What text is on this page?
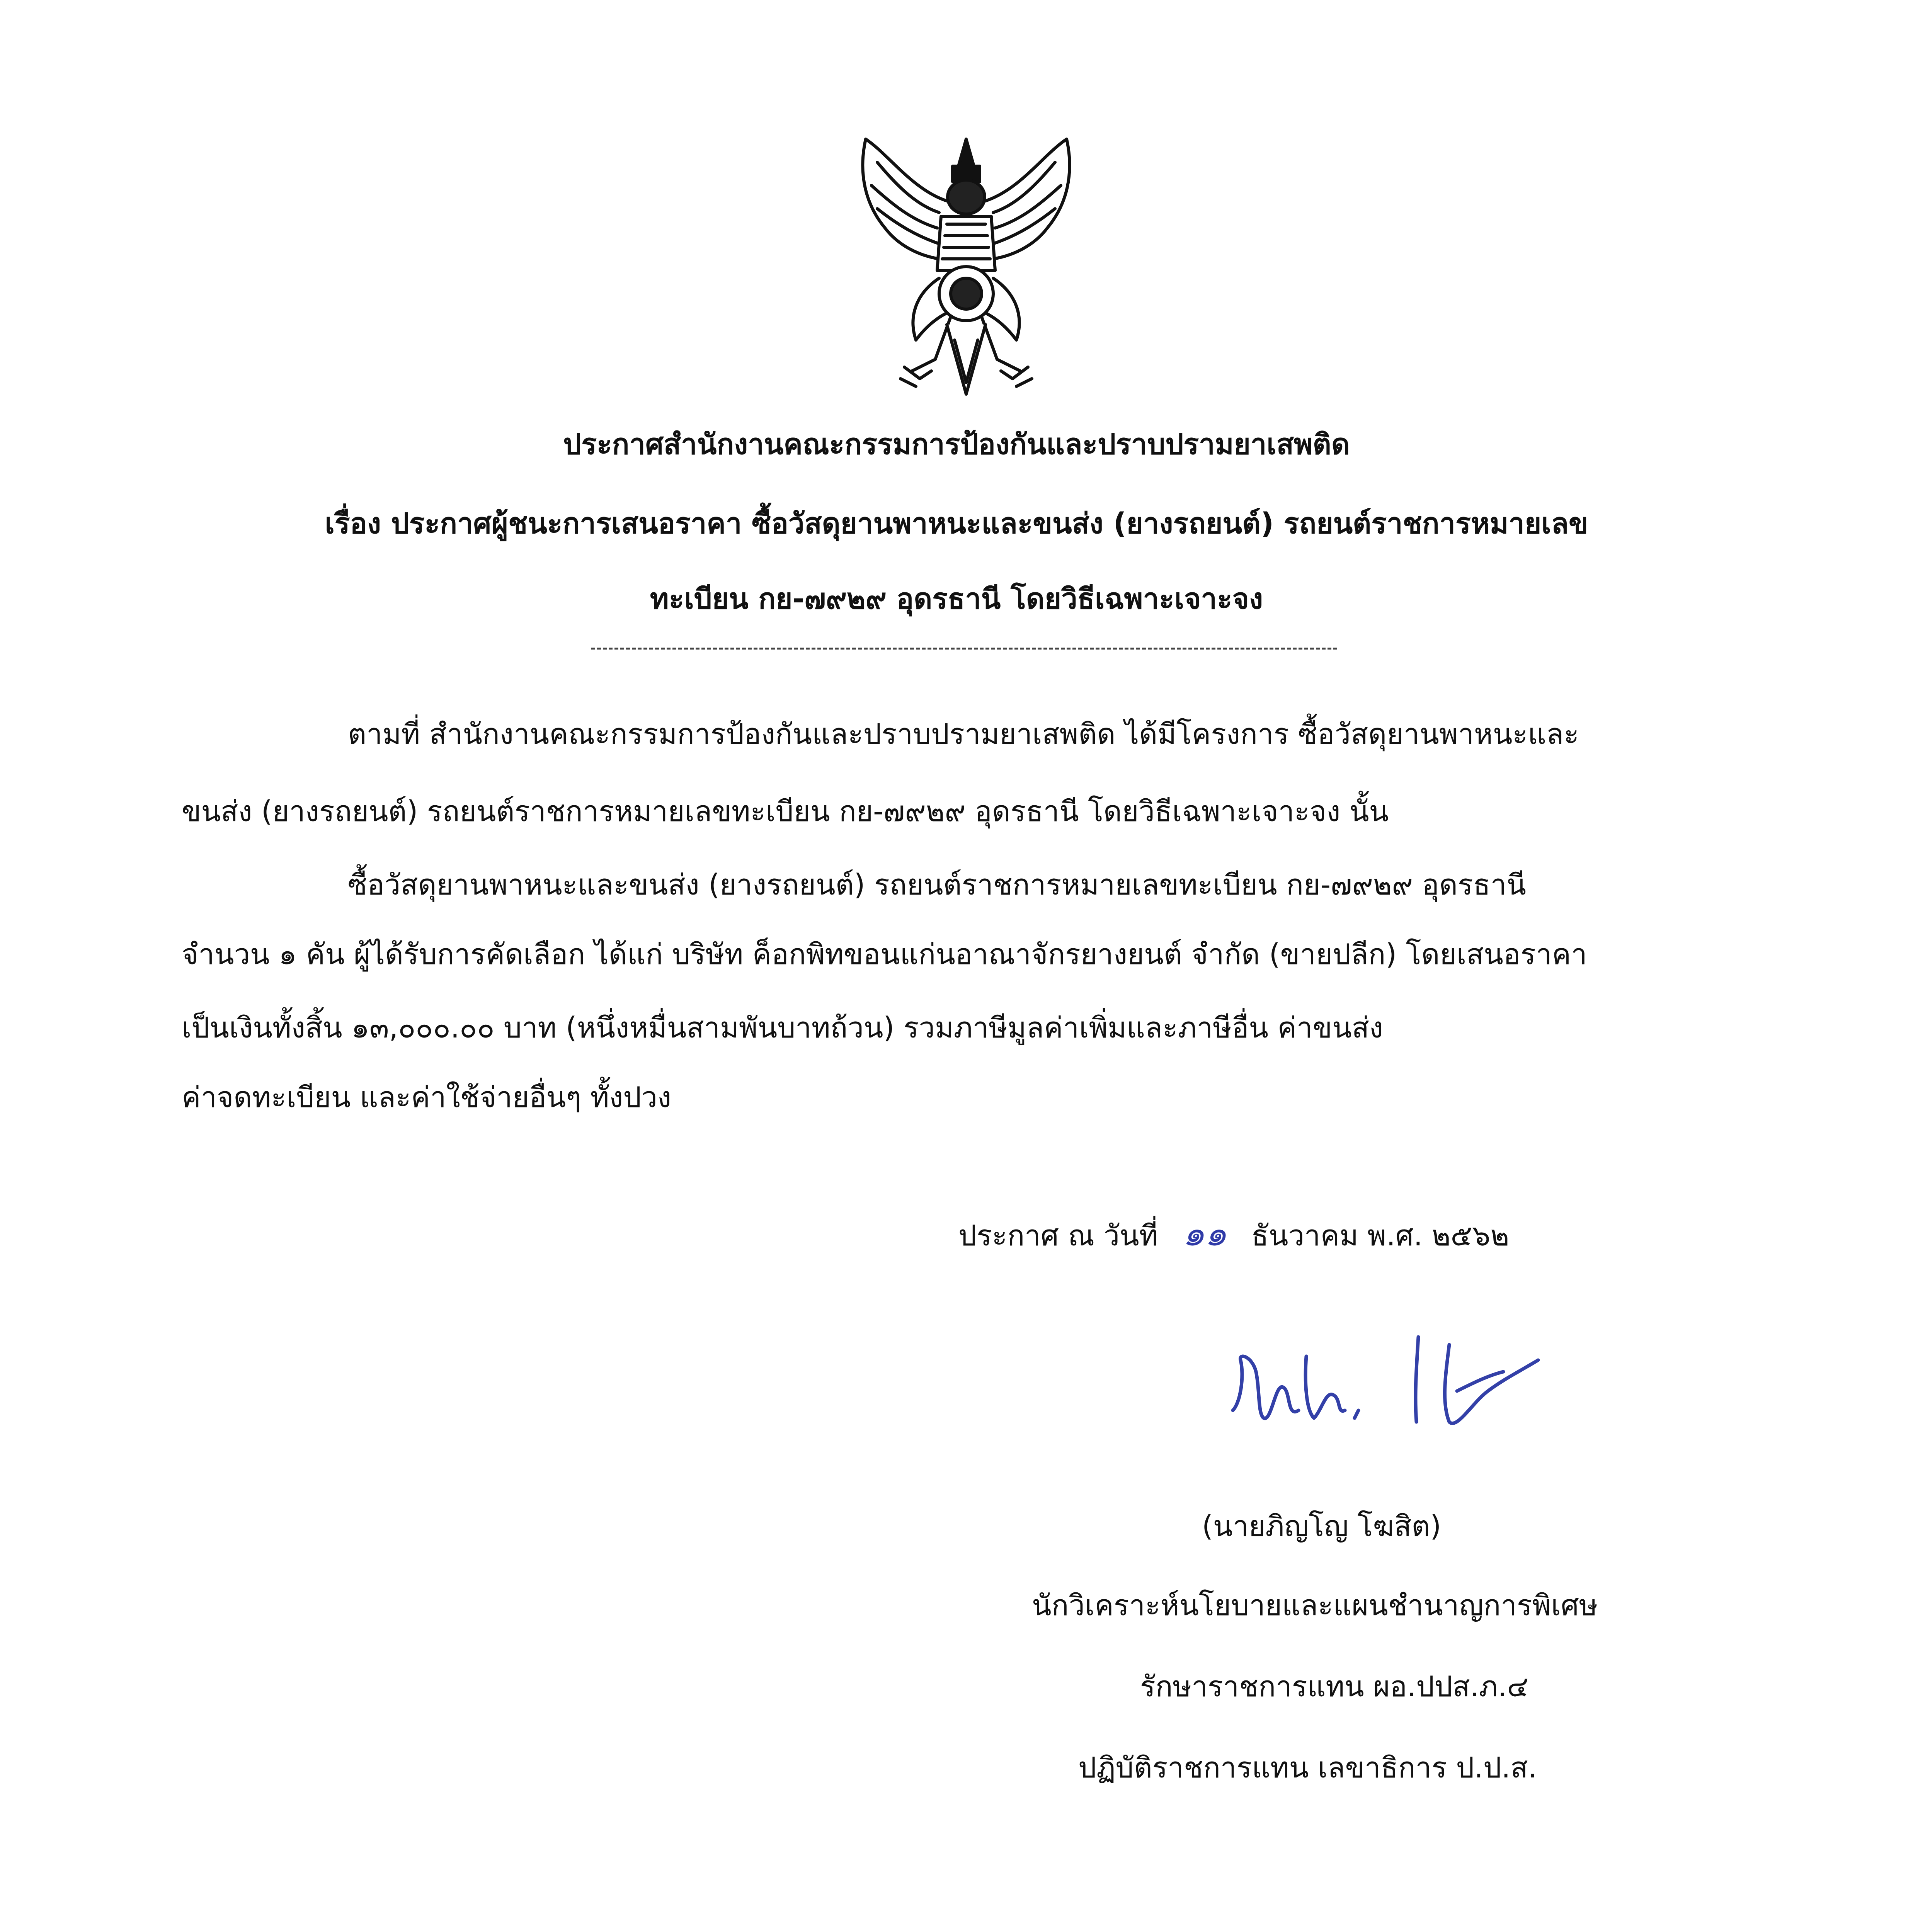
ประกาศสำนักงานคณะกรรมการป้องกันและปราบปรามยาเสพติด

เรื่อง ประกาศผู้ชนะการเสนอราคา ซื้อวัสดุยานพาหนะและขนส่ง (ยางรถยนต์) รถยนต์ราชการหมายเลข

ทะเบียน กย-๗๙๒๙ อุดรธานี โดยวิธีเฉพาะเจาะจง

ตามที่ สำนักงานคณะกรรมการป้องกันและปราบปรามยาเสพติด ได้มีโครงการ ซื้อวัสดุยานพาหนะและ

ขนส่ง (ยางรถยนต์) รถยนต์ราชการหมายเลขทะเบียน กย-๗๙๒๙ อุดรธานี โดยวิธีเฉพาะเจาะจง นั้น

ซื้อวัสดุยานพาหนะและขนส่ง (ยางรถยนต์) รถยนต์ราชการหมายเลขทะเบียน กย-๗๙๒๙ อุดรธานี

จำนวน ๑ คัน ผู้ได้รับการคัดเลือก ได้แก่ บริษัท ค็อกพิทขอนแก่นอาณาจักรยางยนต์ จำกัด (ขายปลีก) โดยเสนอราคา

เป็นเงินทั้งสิ้น ๑๓,๐๐๐.๐๐ บาท (หนึ่งหมื่นสามพันบาทถ้วน) รวมภาษีมูลค่าเพิ่มและภาษีอื่น ค่าขนส่ง

ค่าจดทะเบียน และค่าใช้จ่ายอื่นๆ ทั้งปวง

ประกาศ ณ วันที่ ๑๑ ธันวาคม พ.ศ. ๒๕๖๒

(นายภิญโญ โฆสิต)

นักวิเคราะห์นโยบายและแผนชำนาญการพิเศษ

รักษาราชการแทน ผอ.ปปส.ภ.๔

ปฏิบัติราชการแทน เลขาธิการ ป.ป.ส.
